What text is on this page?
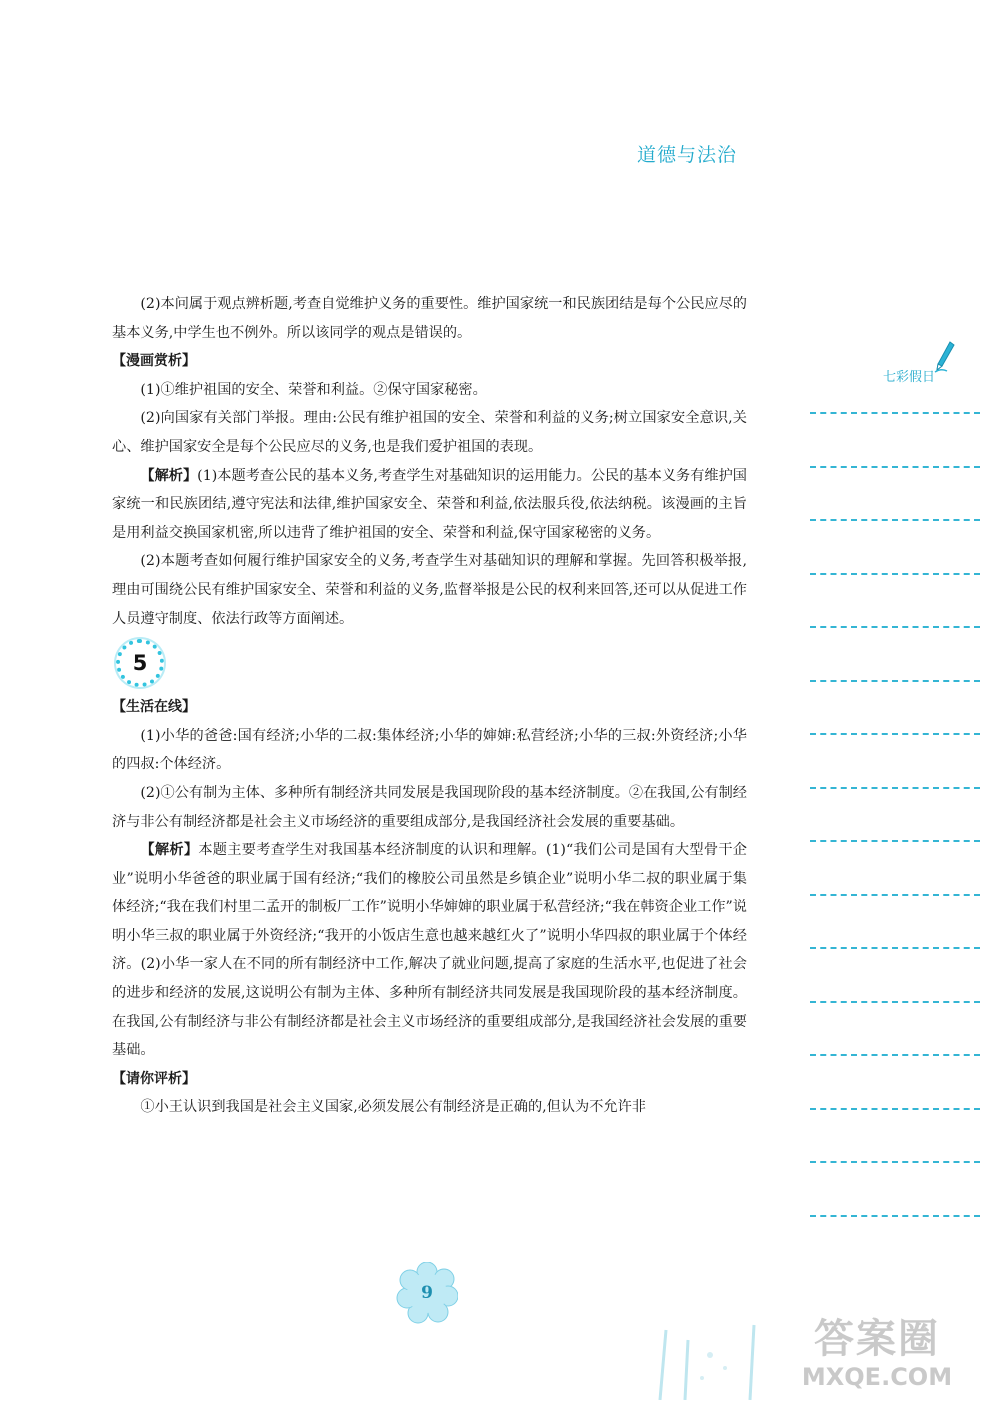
道德与法治
七彩假日

(2)本问属于观点辨析题,考查自觉维护义务的重要性。维护国家统一和民族团结是每个公民应尽的基本义务,中学生也不例外。所以该同学的观点是错误的。

【漫画赏析】

(1)①维护祖国的安全、荣誉和利益。②保守国家秘密。

(2)向国家有关部门举报。理由:公民有维护祖国的安全、荣誉和利益的义务;树立国家安全意识,关心、维护国家安全是每个公民应尽的义务,也是我们爱护祖国的表现。

【解析】(1)本题考查公民的基本义务,考查学生对基础知识的运用能力。公民的基本义务有维护国家统一和民族团结,遵守宪法和法律,维护国家安全、荣誉和利益,依法服兵役,依法纳税。该漫画的主旨是用利益交换国家机密,所以违背了维护祖国的安全、荣誉和利益,保守国家秘密的义务。

(2)本题考查如何履行维护国家安全的义务,考查学生对基础知识的理解和掌握。先回答积极举报,理由可围绕公民有维护国家安全、荣誉和利益的义务,监督举报是公民的权利来回答,还可以从促进工作人员遵守制度、依法行政等方面阐述。

5
【生活在线】

(1)小华的爸爸:国有经济;小华的二叔:集体经济;小华的婶婶:私营经济;小华的三叔:外资经济;小华的四叔:个体经济。

(2)①公有制为主体、多种所有制经济共同发展是我国现阶段的基本经济制度。②在我国,公有制经济与非公有制经济都是社会主义市场经济的重要组成部分,是我国经济社会发展的重要基础。

【解析】本题主要考查学生对我国基本经济制度的认识和理解。(1)“我们公司是国有大型骨干企业”说明小华爸爸的职业属于国有经济;“我们的橡胶公司虽然是乡镇企业”说明小华二叔的职业属于集体经济;“我在我们村里二孟开的制板厂工作”说明小华婶婶的职业属于私营经济;“我在韩资企业工作”说明小华三叔的职业属于外资经济;“我开的小饭店生意也越来越红火了”说明小华四叔的职业属于个体经济。(2)小华一家人在不同的所有制经济中工作,解决了就业问题,提高了家庭的生活水平,也促进了社会的进步和经济的发展,这说明公有制为主体、多种所有制经济共同发展是我国现阶段的基本经济制度。在我国,公有制经济与非公有制经济都是社会主义市场经济的重要组成部分,是我国经济社会发展的重要基础。

【请你评析】

①小王认识到我国是社会主义国家,必须发展公有制经济是正确的,但认为不允许非

9
答案圈
MXQE.COM
